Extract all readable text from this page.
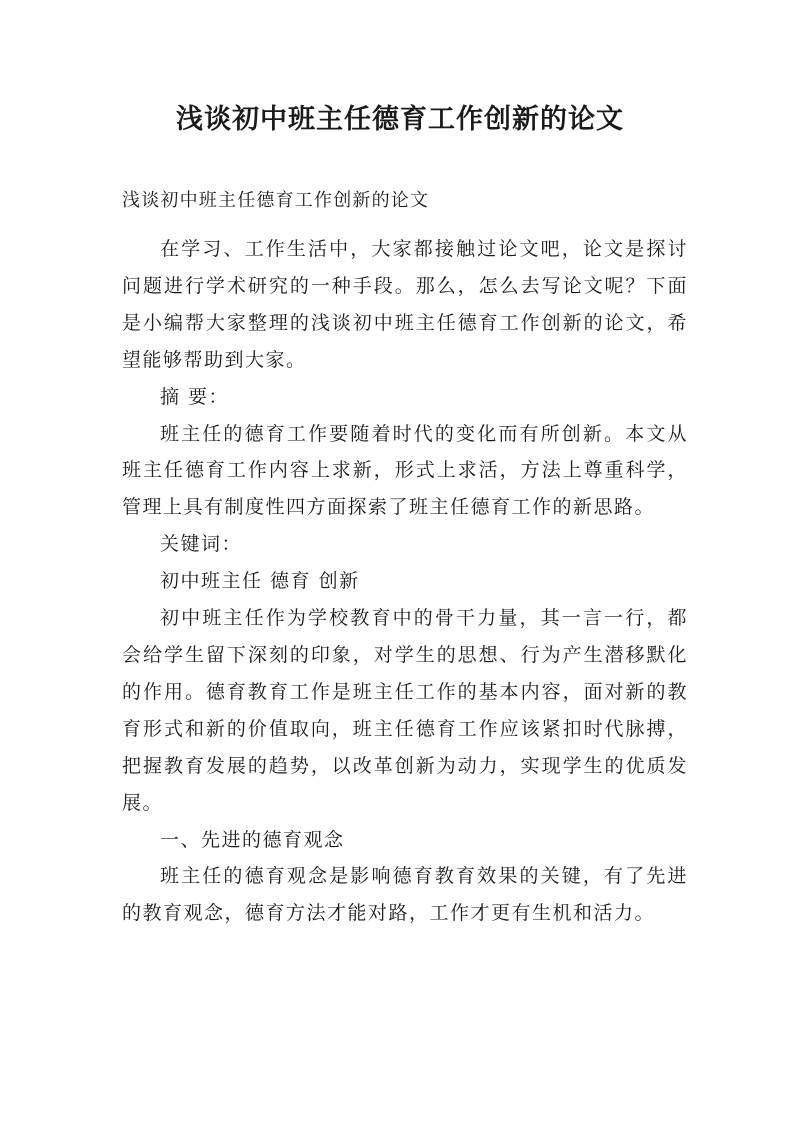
浅谈初中班主任德育工作创新的论文
浅谈初中班主任德育工作创新的论文

在学习、工作生活中，大家都接触过论文吧，论文是探讨问题进行学术研究的一种手段。那么，怎么去写论文呢？下面是小编帮大家整理的浅谈初中班主任德育工作创新的论文，希望能够帮助到大家。

摘 要：

班主任的德育工作要随着时代的变化而有所创新。本文从班主任德育工作内容上求新，形式上求活，方法上尊重科学，管理上具有制度性四方面探索了班主任德育工作的新思路。

关键词：

初中班主任 德育 创新

初中班主任作为学校教育中的骨干力量，其一言一行，都会给学生留下深刻的印象，对学生的思想、行为产生潜移默化的作用。德育教育工作是班主任工作的基本内容，面对新的教育形式和新的价值取向，班主任德育工作应该紧扣时代脉搏，把握教育发展的趋势，以改革创新为动力，实现学生的优质发展。

一、先进的德育观念

班主任的德育观念是影响德育教育效果的关键，有了先进的教育观念，德育方法才能对路，工作才更有生机和活力。
